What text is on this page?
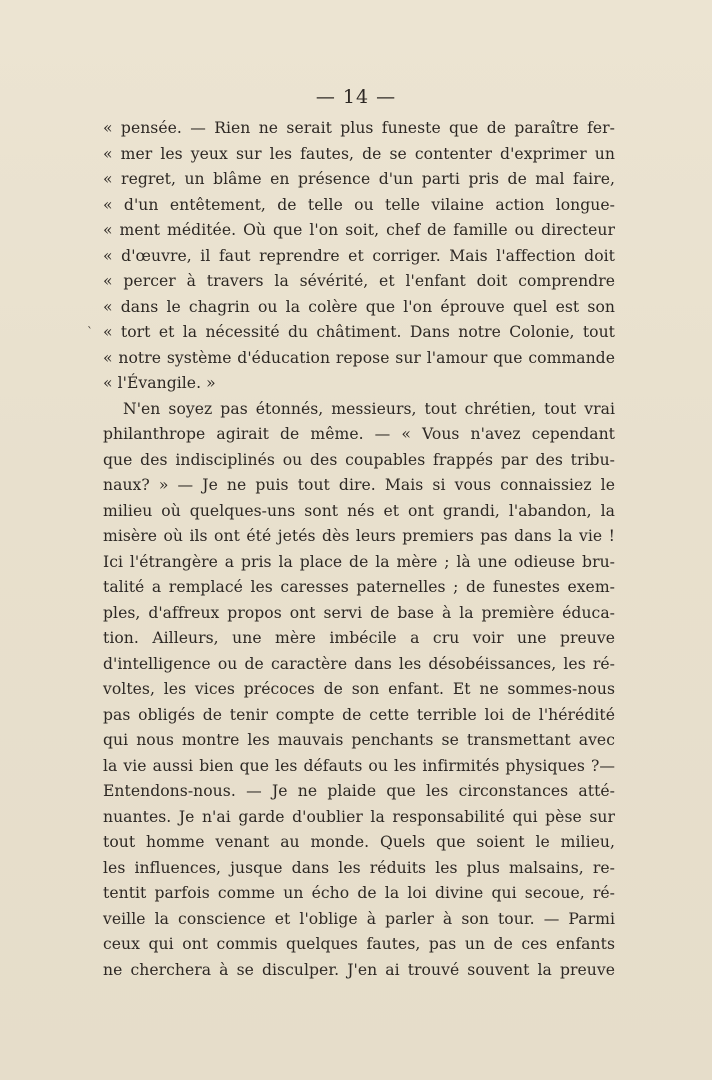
— 14 —
`
« pensée. — Rien ne serait plus funeste que de paraître fer-
« mer les yeux sur les fautes, de se contenter d'exprimer un
« regret, un blâme en présence d'un parti pris de mal faire,
« d'un entêtement, de telle ou telle vilaine action longue-
« ment méditée. Où que l'on soit, chef de famille ou directeur
« d'œuvre, il faut reprendre et corriger. Mais l'affection doit
« percer à travers la sévérité, et l'enfant doit comprendre
« dans le chagrin ou la colère que l'on éprouve quel est son
« tort et la nécessité du châtiment. Dans notre Colonie, tout
« notre système d'éducation repose sur l'amour que commande
« l'Évangile. »
N'en soyez pas étonnés, messieurs, tout chrétien, tout vrai
philanthrope agirait de même. — « Vous n'avez cependant
que des indisciplinés ou des coupables frappés par des tribu-
naux? » — Je ne puis tout dire. Mais si vous connaissiez le
milieu où quelques-uns sont nés et ont grandi, l'abandon, la
misère où ils ont été jetés dès leurs premiers pas dans la vie !
Ici l'étrangère a pris la place de la mère ; là une odieuse bru-
talité a remplacé les caresses paternelles ; de funestes exem-
ples, d'affreux propos ont servi de base à la première éduca-
tion. Ailleurs, une mère imbécile a cru voir une preuve
d'intelligence ou de caractère dans les désobéissances, les ré-
voltes, les vices précoces de son enfant. Et ne sommes-nous
pas obligés de tenir compte de cette terrible loi de l'hérédité
qui nous montre les mauvais penchants se transmettant avec
la vie aussi bien que les défauts ou les infirmités physiques ?—
Entendons-nous. — Je ne plaide que les circonstances atté-
nuantes. Je n'ai garde d'oublier la responsabilité qui pèse sur
tout homme venant au monde. Quels que soient le milieu,
les influences, jusque dans les réduits les plus malsains, re-
tentit parfois comme un écho de la loi divine qui secoue, ré-
veille la conscience et l'oblige à parler à son tour. — Parmi
ceux qui ont commis quelques fautes, pas un de ces enfants
ne cherchera à se disculper. J'en ai trouvé souvent la preuve
